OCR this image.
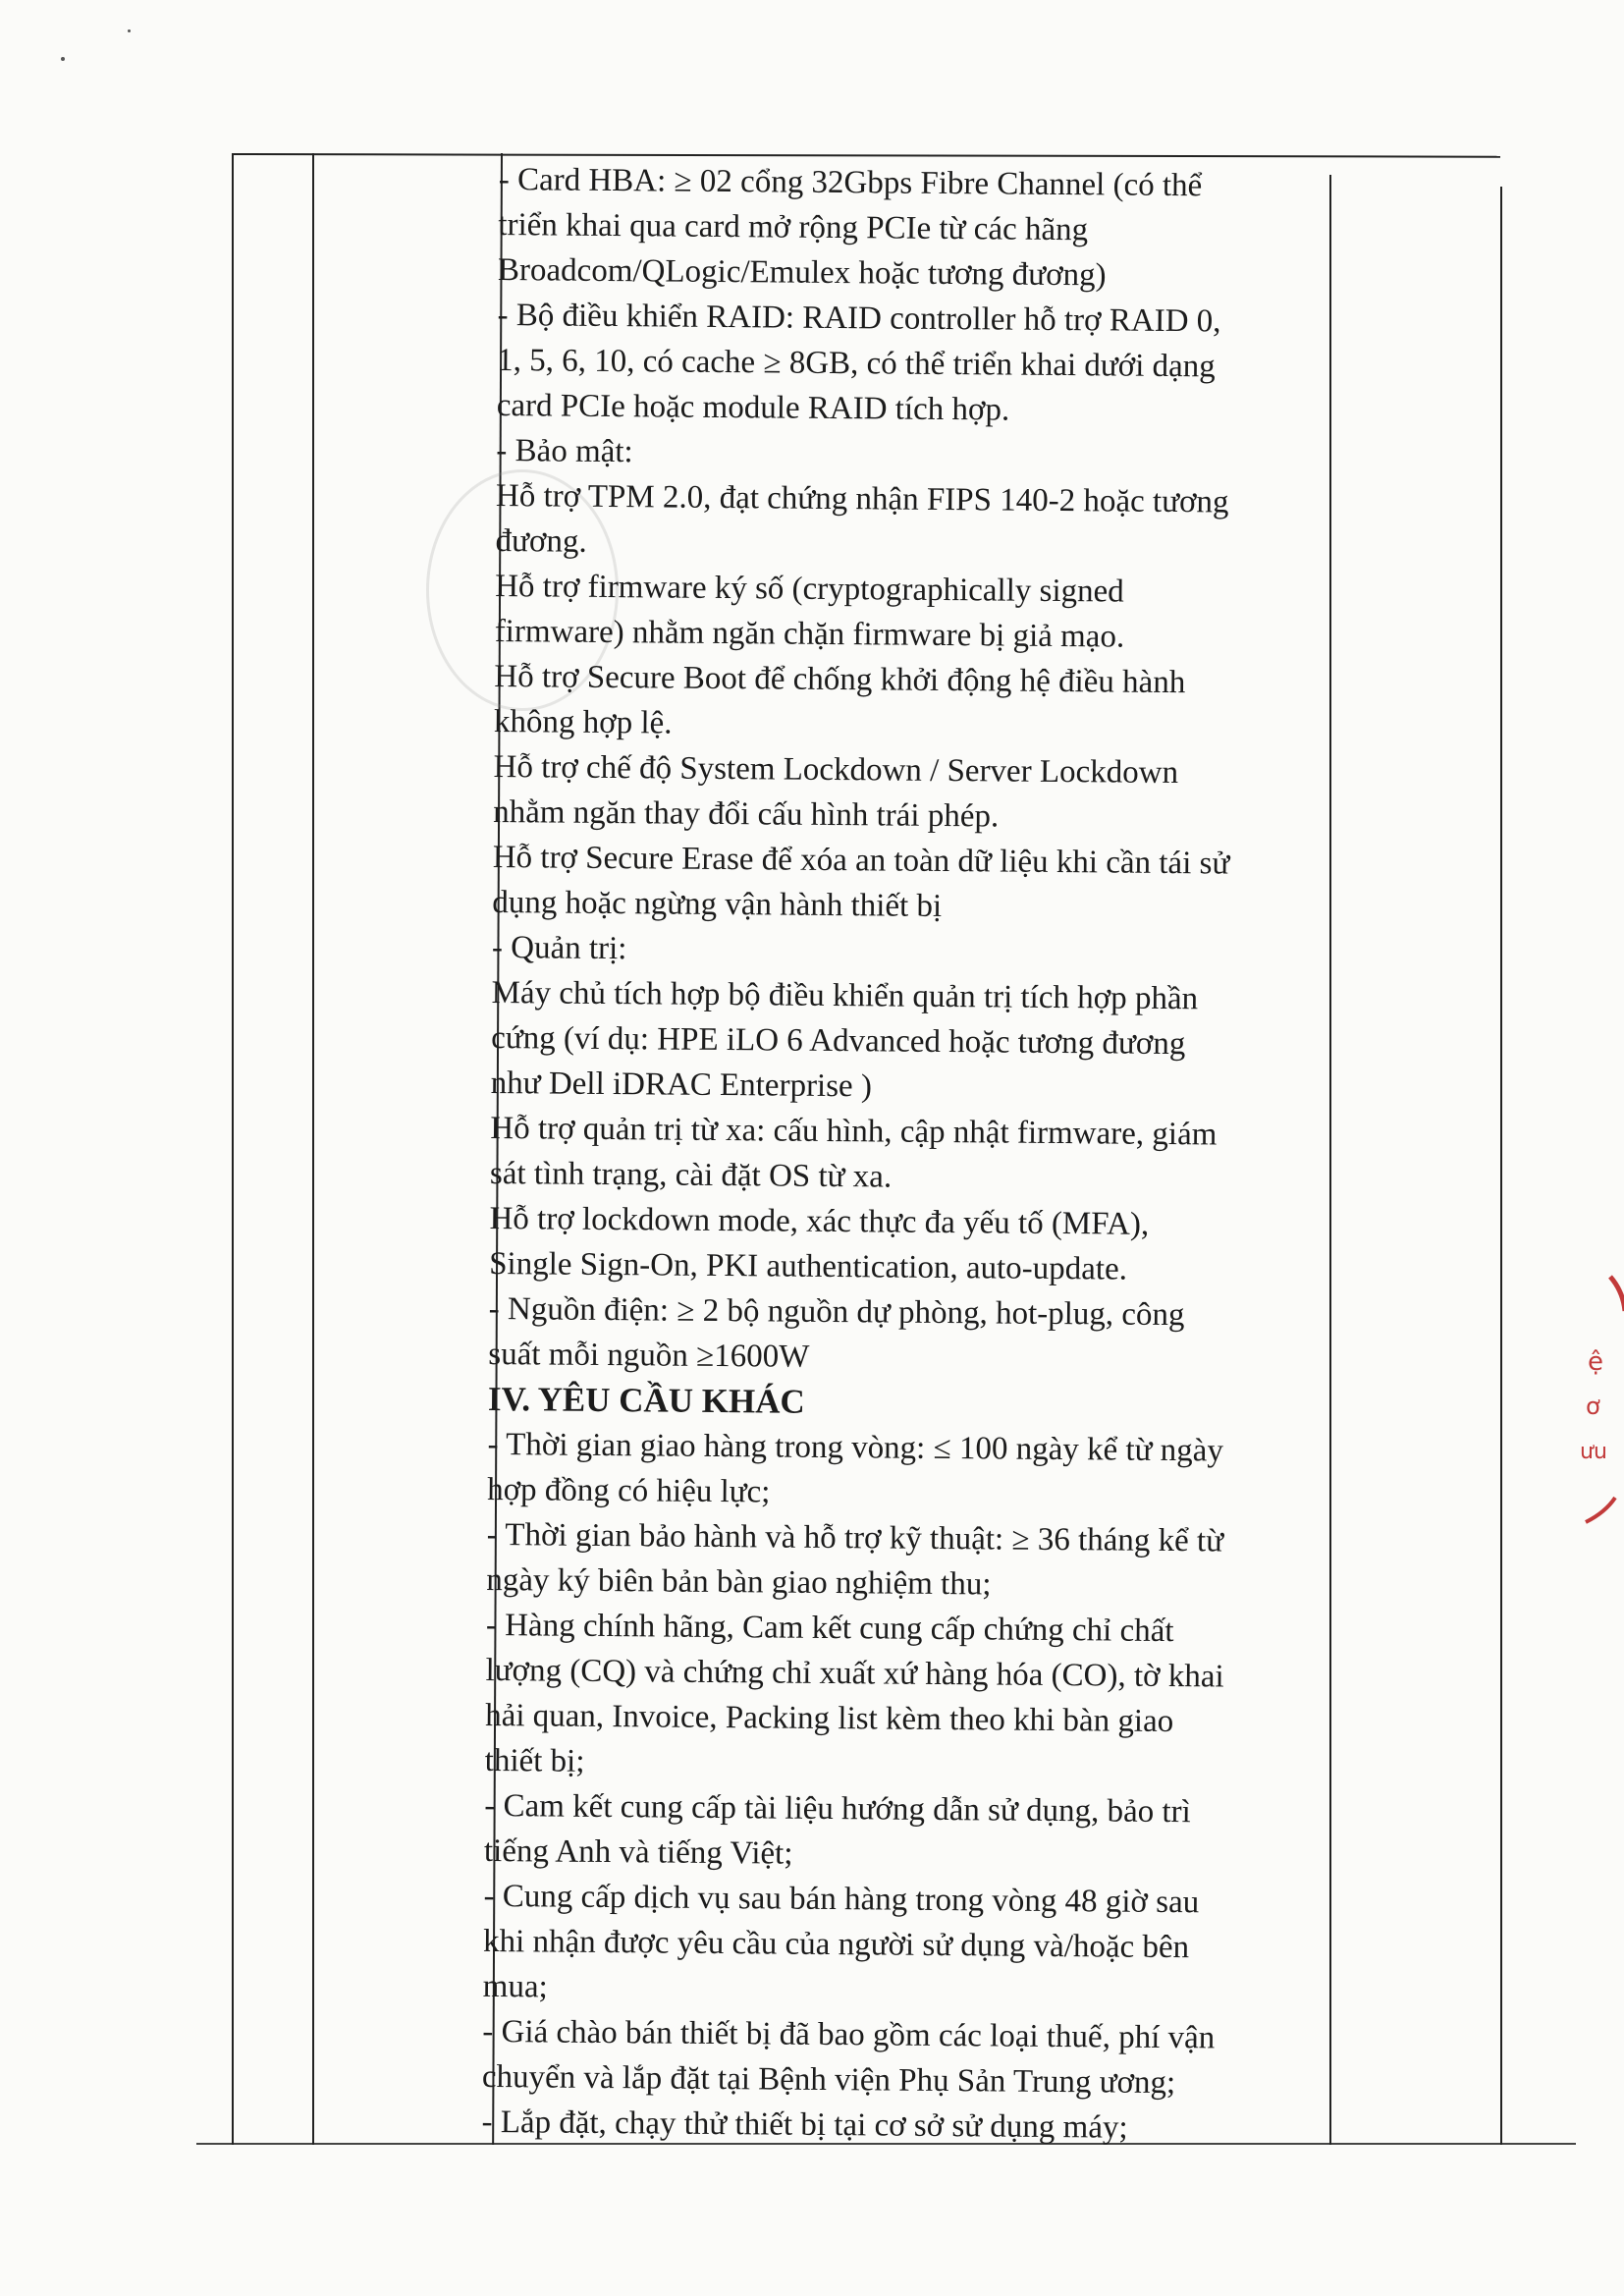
ệ
ơ
ưu
- Card HBA: ≥ 02 cổng 32Gbps Fibre Channel (có thể
triển khai qua card mở rộng PCIe từ các hãng
Broadcom/QLogic/Emulex hoặc tương đương)
- Bộ điều khiển RAID: RAID controller hỗ trợ RAID 0,
1, 5, 6, 10, có cache ≥ 8GB, có thể triển khai dưới dạng
card PCIe hoặc module RAID tích hợp.
- Bảo mật:
Hỗ trợ TPM 2.0, đạt chứng nhận FIPS 140-2 hoặc tương
đương.
Hỗ trợ firmware ký số (cryptographically signed
firmware) nhằm ngăn chặn firmware bị giả mạo.
Hỗ trợ Secure Boot để chống khởi động hệ điều hành
không hợp lệ.
Hỗ trợ chế độ System Lockdown / Server Lockdown
nhằm ngăn thay đổi cấu hình trái phép.
Hỗ trợ Secure Erase để xóa an toàn dữ liệu khi cần tái sử
dụng hoặc ngừng vận hành thiết bị
- Quản trị:
Máy chủ tích hợp bộ điều khiển quản trị tích hợp phần
cứng (ví dụ: HPE iLO 6 Advanced hoặc tương đương
như Dell iDRAC Enterprise )
Hỗ trợ quản trị từ xa: cấu hình, cập nhật firmware, giám
sát tình trạng, cài đặt OS từ xa.
Hỗ trợ lockdown mode, xác thực đa yếu tố (MFA),
Single Sign-On, PKI authentication, auto-update.
- Nguồn điện: ≥ 2 bộ nguồn dự phòng, hot-plug, công
suất mỗi nguồn ≥1600W
IV. YÊU CẦU KHÁC
- Thời gian giao hàng trong vòng: ≤ 100 ngày kể từ ngày
hợp đồng có hiệu lực;
- Thời gian bảo hành và hỗ trợ kỹ thuật: ≥ 36 tháng kể từ
ngày ký biên bản bàn giao nghiệm thu;
- Hàng chính hãng, Cam kết cung cấp chứng chỉ chất
lượng (CQ) và chứng chỉ xuất xứ hàng hóa (CO), tờ khai
hải quan, Invoice, Packing list kèm theo khi bàn giao
thiết bị;
- Cam kết cung cấp tài liệu hướng dẫn sử dụng, bảo trì
tiếng Anh và tiếng Việt;
- Cung cấp dịch vụ sau bán hàng trong vòng 48 giờ sau
khi nhận được yêu cầu của người sử dụng và/hoặc bên
mua;
- Giá chào bán thiết bị đã bao gồm các loại thuế, phí vận
chuyển và lắp đặt tại Bệnh viện Phụ Sản Trung ương;
- Lắp đặt, chạy thử thiết bị tại cơ sở sử dụng máy;
